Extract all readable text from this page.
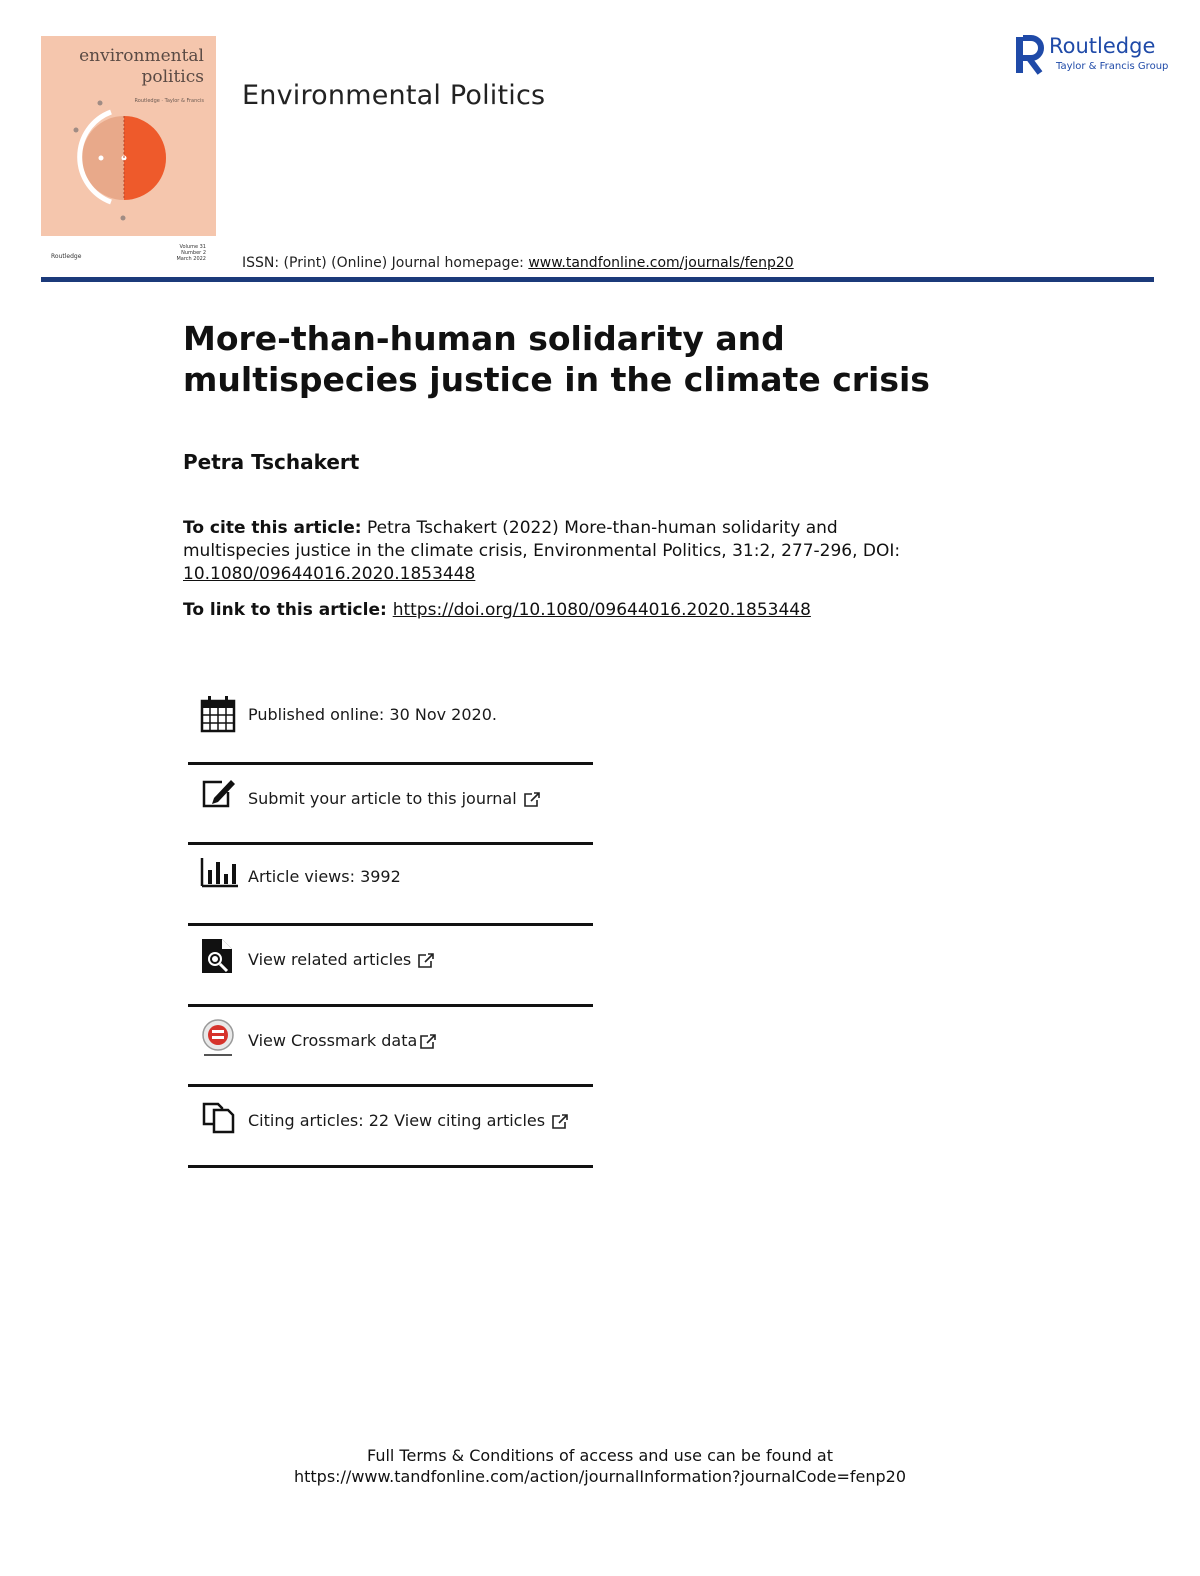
environmental
politics
Routledge · Taylor & Francis
Routledge
Volume 31 Number 2 March 2022
Environmental Politics
Routledge
Taylor & Francis Group
ISSN: (Print) (Online) Journal homepage: www.tandfonline.com/journals/fenp20
More-than-human solidarity and multispecies justice in the climate crisis
Petra Tschakert
To cite this article: Petra Tschakert (2022) More-than-human solidarity and multispecies justice in the climate crisis, Environmental Politics, 31:2, 277-296, DOI:
10.1080/09644016.2020.1853448
To link to this article: https://doi.org/10.1080/09644016.2020.1853448
Published online: 30 Nov 2020.
Submit your article to this journal
Article views: 3992
View related articles
View Crossmark data
Citing articles: 22 View citing articles
Full Terms & Conditions of access and use can be found at
https://www.tandfonline.com/action/journalInformation?journalCode=fenp20
